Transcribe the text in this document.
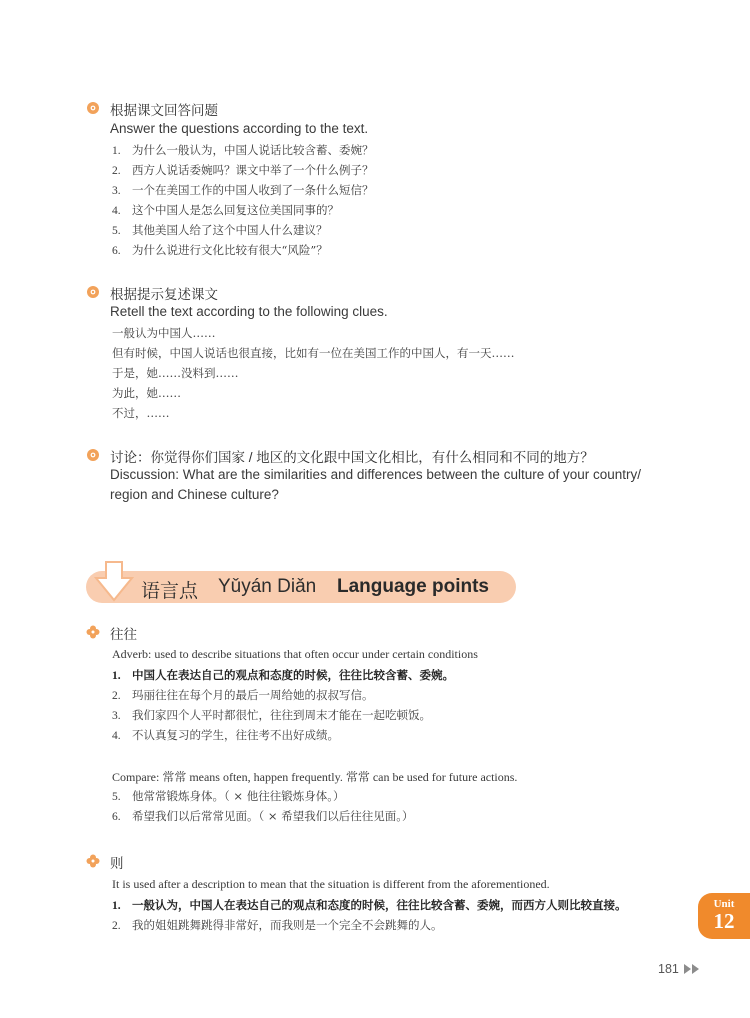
根据课文回答问题
Answer the questions according to the text.
1. 为什么一般认为，中国人说话比较含蓄、委婉？
2. 西方人说话委婉吗？课文中举了一个什么例子？
3. 一个在美国工作的中国人收到了一条什么短信？
4. 这个中国人是怎么回复这位美国同事的？
5. 其他美国人给了这个中国人什么建议？
6. 为什么说进行文化比较有很大“风险”？
根据提示复述课文
Retell the text according to the following clues.
一般认为中国人……
但有时候，中国人说话也很直接，比如有一位在美国工作的中国人，有一天……
于是，她……没料到……
为此，她……
不过，……
讨论：你觉得你们国家 / 地区的文化跟中国文化相比，有什么相同和不同的地方？
Discussion: What are the similarities and differences between the culture of your country/
region and Chinese culture?
语言点 Yǔyán Diǎn Language points
往往
Adverb: used to describe situations that often occur under certain conditions
1. 中国人在表达自己的观点和态度的时候，往往比较含蓄、委婉。
2. 玛丽往往在每个月的最后一周给她的叔叔写信。
3. 我们家四个人平时都很忙，往往到周末才能在一起吃顿饭。
4. 不认真复习的学生，往往考不出好成绩。
Compare: 常常 means often, happen frequently. 常常 can be used for future actions.
5. 他常常锻炼身体。（ × 他往往锻炼身体。）
6. 希望我们以后常常见面。（ × 希望我们以后往往见面。）
则
It is used after a description to mean that the situation is different from the aforementioned.
1. 一般认为，中国人在表达自己的观点和态度的时候，往往比较含蓄、委婉，而西方人则比较直接。
2. 我的姐姐跳舞跳得非常好，而我则是一个完全不会跳舞的人。
Unit
12
181
